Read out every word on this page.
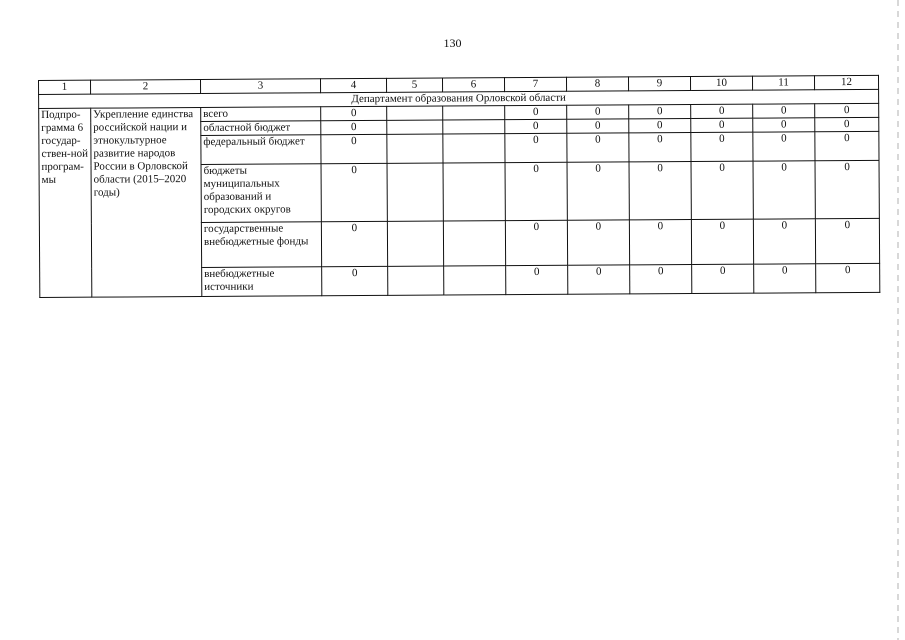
130
1	2	3	4	5	6	7	8	9	10	11	12
Департамент образования Орловской области											
Подпро-грамма 6 государ-ствен-ной програм-мы	Укрепление единства российской нации и этнокультурное развитие народов России в Орловской области (2015–2020 годы)	всего	0			0	0	0	0	0	0
		областной бюджет	0			0	0	0	0	0	0
		федеральный бюджет	0			0	0	0	0	0	0
		бюджеты муниципальных образований и городских округов	0			0	0	0	0	0	0
		государственные внебюджетные фонды	0			0	0	0	0	0	0
		внебюджетные источники	0			0	0	0	0	0	0
